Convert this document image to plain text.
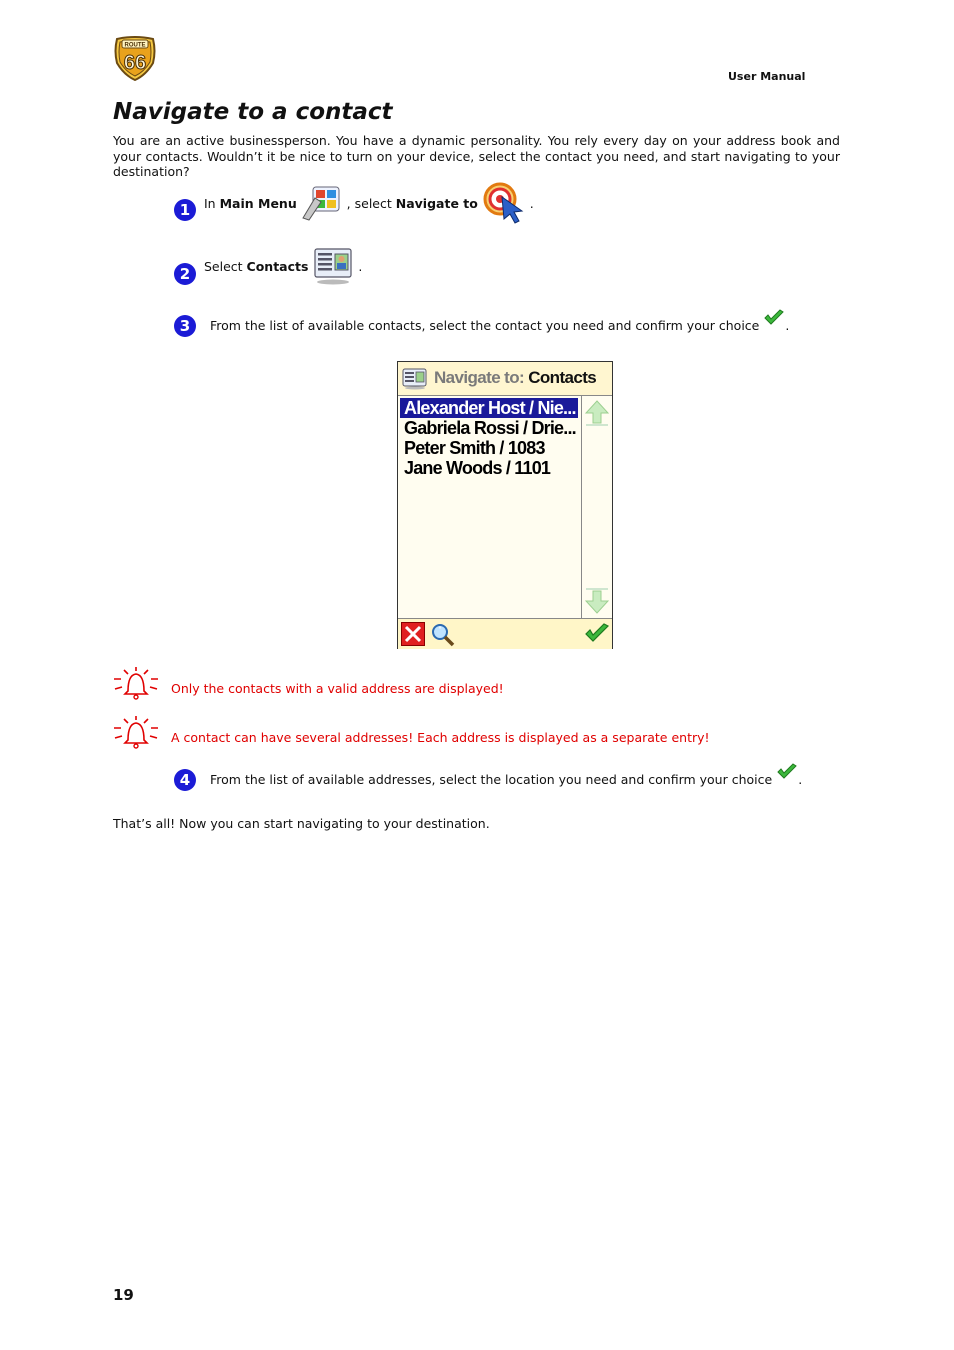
ROUTE
66
User Manual
Navigate to a contact

You are an active businessperson. You have a dynamic personality. You rely every day on your address book and your contacts. Wouldn’t it be nice to turn on your device, select the contact you need, and start navigating to your destination?

1	In Main Menu	, select Navigate to	.
2	Select Contacts	.
3	From the list of available contacts, select the contact you need and confirm your choice .
Navigate to: Contacts
Alexander Host / Nie...
Gabriela Rossi / Drie...
Peter Smith / 1083
Jane Woods / 1101
*
Only the contacts with a valid address are displayed!
A contact can have several addresses! Each address is displayed as a separate entry!
4	From the list of available addresses, select the location you need and confirm your choice .
That’s all! Now you can start navigating to your destination.
19
